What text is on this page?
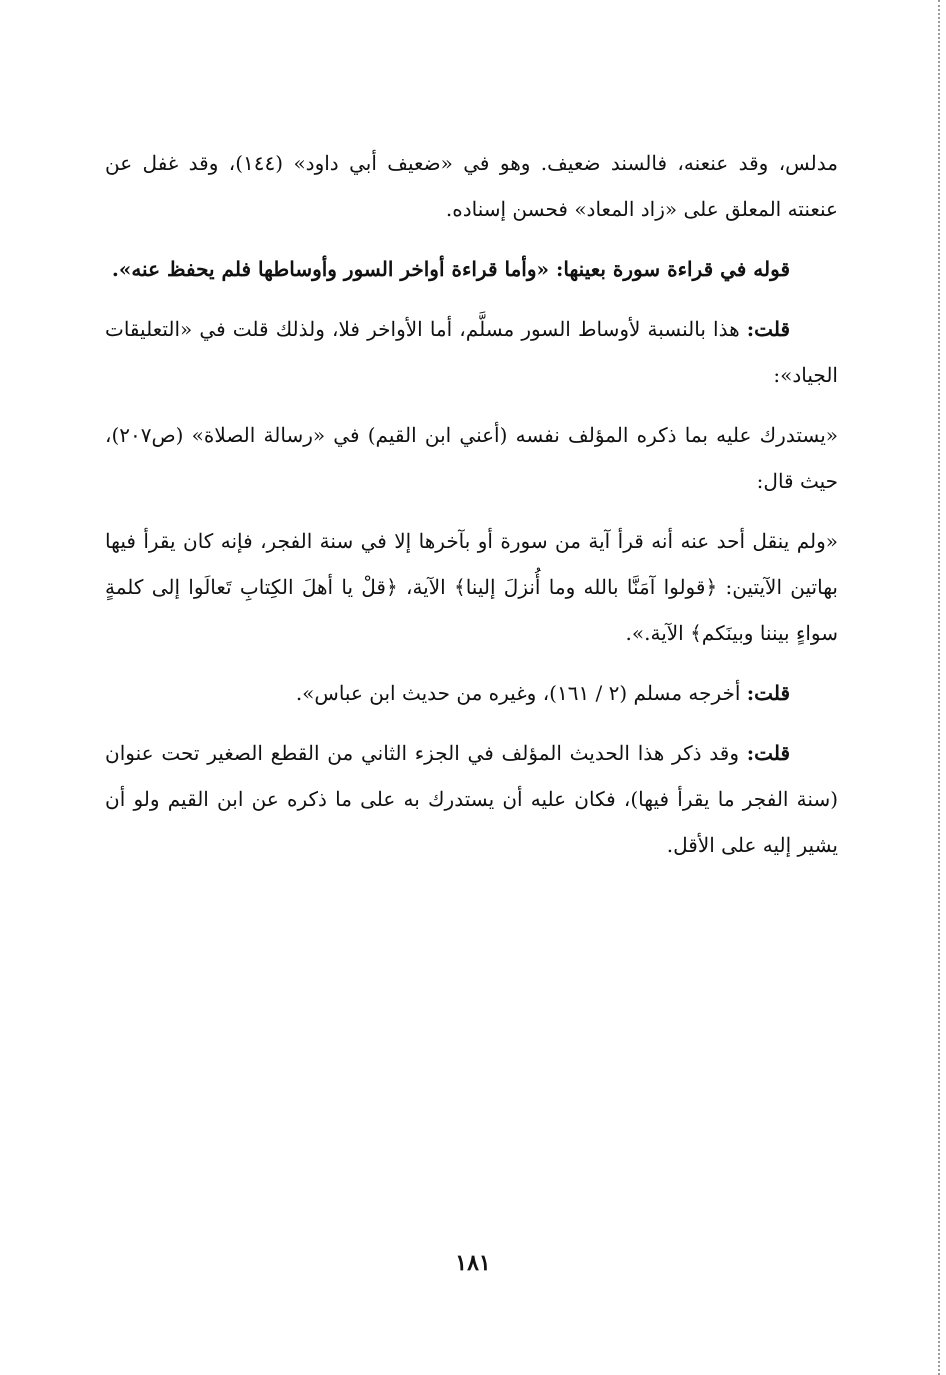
مدلس، وقد عنعنه، فالسند ضعيف. وهو في «ضعيف أبي داود» (١٤٤)، وقد غفل عن عنعنته المعلق على «زاد المعاد» فحسن إسناده.

قوله في قراءة سورة بعينها: «وأما قراءة أواخر السور وأوساطها فلم يحفظ عنه».

قلت: هذا بالنسبة لأوساط السور مسلَّم، أما الأواخر فلا، ولذلك قلت في «التعليقات الجياد»:

«يستدرك عليه بما ذكره المؤلف نفسه (أعني ابن القيم) في «رسالة الصلاة» (ص٢٠٧)، حيث قال:

«ولم ينقل أحد عنه أنه قرأ آية من سورة أو بآخرها إلا في سنة الفجر، فإنه كان يقرأ فيها بهاتين الآيتين: ﴿قولوا آمَنَّا بالله وما أُنزلَ إلينا﴾ الآية، ﴿قلْ يا أهلَ الكِتابِ تَعالَوا إلى كلمةٍ سواءٍ بيننا وبينَكم﴾ الآية.».

قلت: أخرجه مسلم (٢ / ١٦١)، وغيره من حديث ابن عباس».

قلت: وقد ذكر هذا الحديث المؤلف في الجزء الثاني من القطع الصغير تحت عنوان (سنة الفجر ما يقرأ فيها)، فكان عليه أن يستدرك به على ما ذكره عن ابن القيم ولو أن يشير إليه على الأقل.

١٨١
